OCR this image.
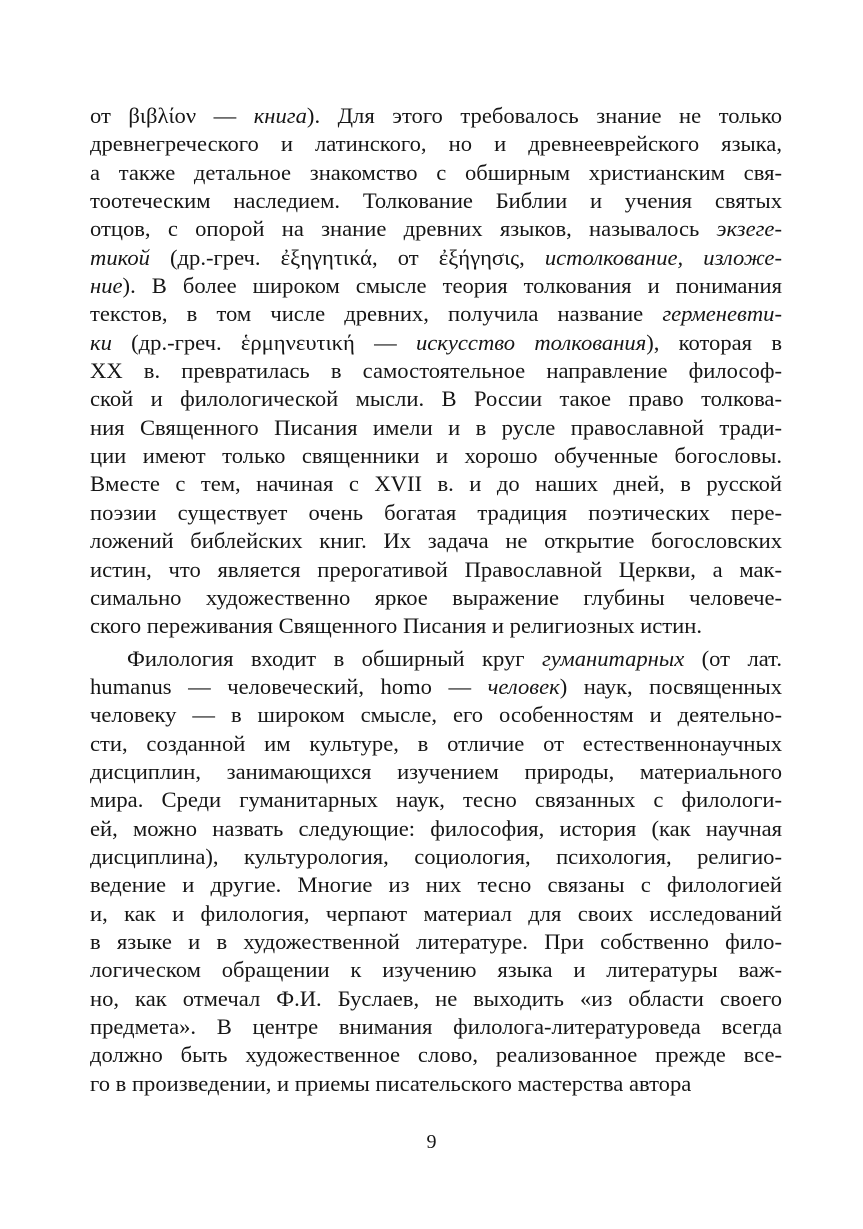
от βιβλίον — книга). Для этого требовалось знание не только
древнегреческого и латинского, но и древнееврейского языка,
а также детальное знакомство с обширным христианским свя-
тоотеческим наследием. Толкование Библии и учения святых
отцов, с опорой на знание древних языков, называлось экзеге-
тикой (др.-греч. ἐξηγητικά, от ἐξήγησις, истолкование, изложе-
ние). В более широком смысле теория толкования и понимания
текстов, в том числе древних, получила название герменевти-
ки (др.-греч. ἑρμηνευτική — искусство толкования), которая в
XX в. превратилась в самостоятельное направление философ-
ской и филологической мысли. В России такое право толкова-
ния Священного Писания имели и в русле православной тради-
ции имеют только священники и хорошо обученные богословы.
Вместе с тем, начиная с XVII в. и до наших дней, в русской
поэзии существует очень богатая традиция поэтических пере-
ложений библейских книг. Их задача не открытие богословских
истин, что является прерогативой Православной Церкви, а мак-
симально художественно яркое выражение глубины человече-
ского переживания Священного Писания и религиозных истин.
Филология входит в обширный круг гуманитарных (от лат.
humanus — человеческий, homo — человек) наук, посвященных
человеку — в широком смысле, его особенностям и деятельно-
сти, созданной им культуре, в отличие от естественнонаучных
дисциплин, занимающихся изучением природы, материального
мира. Среди гуманитарных наук, тесно связанных с филологи-
ей, можно назвать следующие: философия, история (как научная
дисциплина), культурология, социология, психология, религио-
ведение и другие. Многие из них тесно связаны с филологией
и, как и филология, черпают материал для своих исследований
в языке и в художественной литературе. При собственно фило-
логическом обращении к изучению языка и литературы важ-
но, как отмечал Ф.И. Буслаев, не выходить «из области своего
предмета». В центре внимания филолога-литературоведа всегда
должно быть художественное слово, реализованное прежде все-
го в произведении, и приемы писательского мастерства автора
9
